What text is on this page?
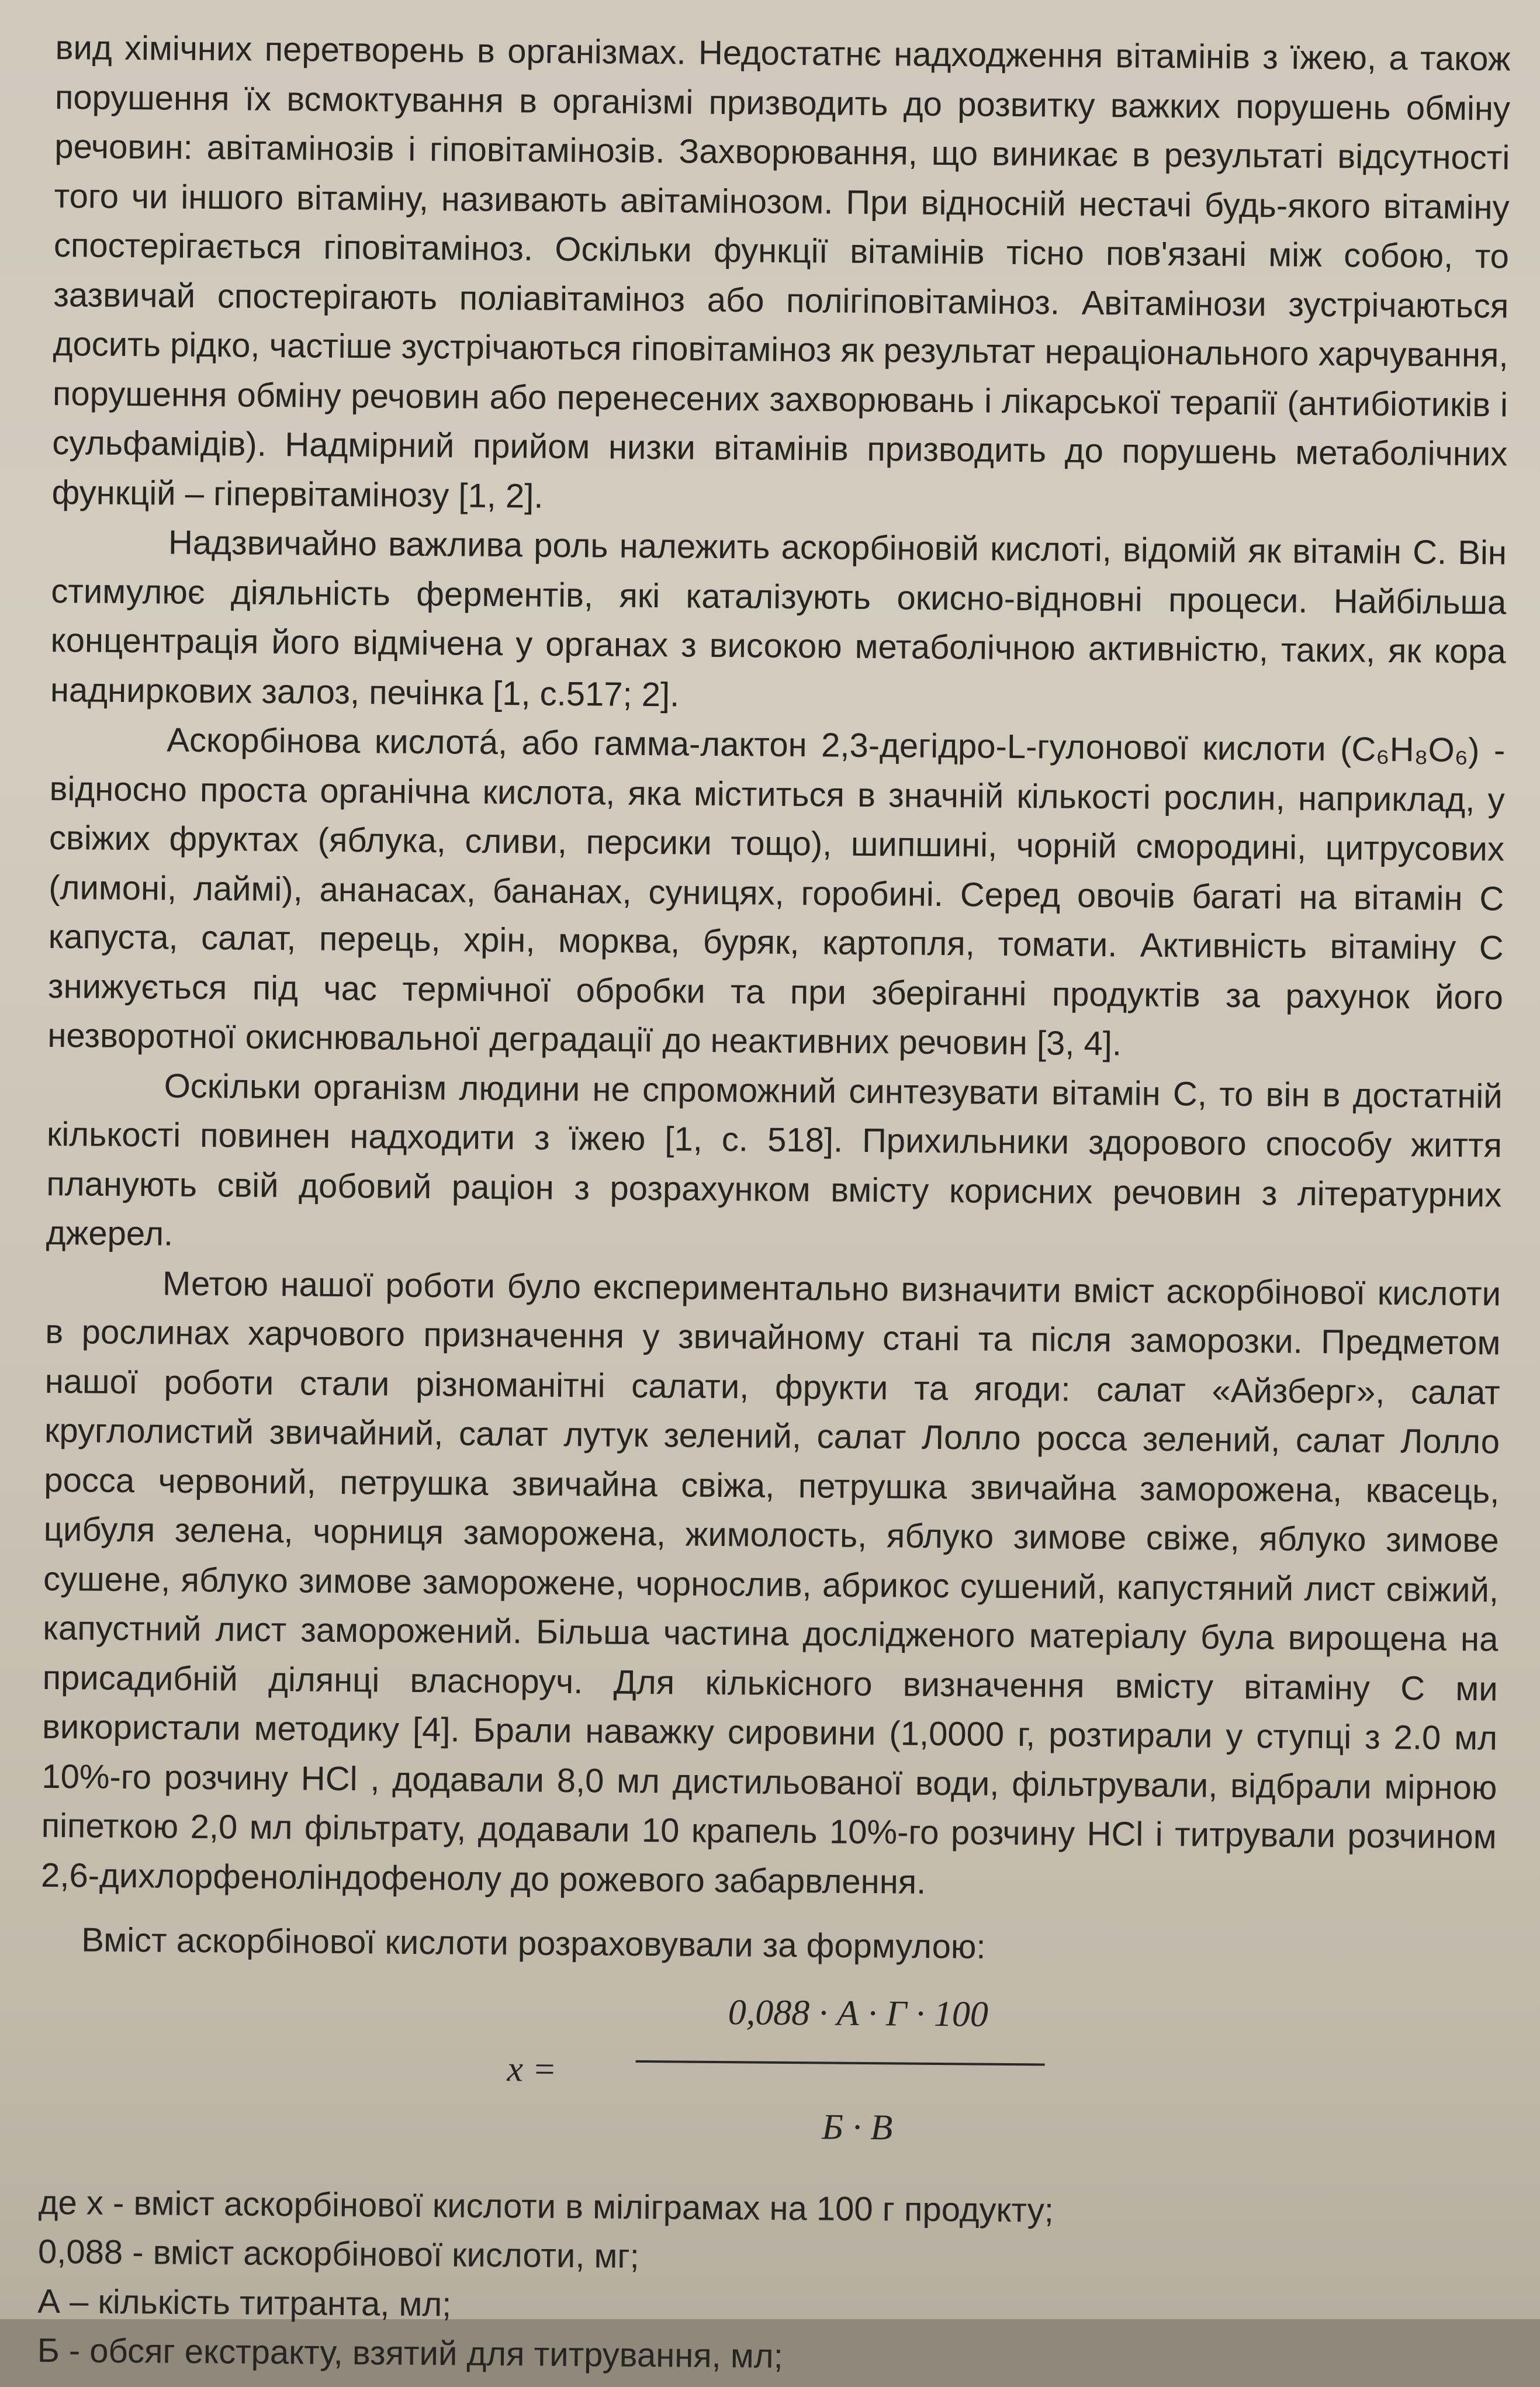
вид хімічних перетворень в організмах. Недостатнє надходження вітамінів з їжею, а також порушення їх всмоктування в організмі призводить до розвитку важких порушень обміну речовин: авітамінозів і гіповітамінозів. Захворювання, що виникає в результаті відсутності того чи іншого вітаміну, називають авітамінозом. При відносній нестачі будь-якого вітаміну спостерігається гіповітаміноз. Оскільки функції вітамінів тісно пов'язані між собою, то зазвичай спостерігають поліавітаміноз або полігіповітаміноз. Авітамінози зустрічаються досить рідко, частіше зустрічаються гіповітаміноз як результат нераціонального харчування, порушення обміну речовин або перенесених захворювань і лікарської терапії (антибіотиків і сульфамідів). Надмірний прийом низки вітамінів призводить до порушень метаболічних функцій – гіпервітамінозу [1, 2].

Надзвичайно важлива роль належить аскорбіновій кислоті, відомій як вітамін С. Він стимулює діяльність ферментів, які каталізують окисно-відновні процеси. Найбільша концентрація його відмічена у органах з високою метаболічною активністю, таких, як кора надниркових залоз, печінка [1, с.517; 2].

Аскорбінова кислотá, або гамма-лактон 2,3-дегідро-L-гулонової кислоти (C₆H₈O₆) - відносно проста органічна кислота, яка міститься в значній кількості рослин, наприклад, у свіжих фруктах (яблука, сливи, персики тощо), шипшині, чорній смородині, цитрусових (лимоні, лаймі), ананасах, бананах, суницях, горобині. Серед овочів багаті на вітамін С капуста, салат, перець, хрін, морква, буряк, картопля, томати. Активність вітаміну С знижується під час термічної обробки та при зберіганні продуктів за рахунок його незворотної окиснювальної деградації до неактивних речовин [3, 4].

Оскільки організм людини не спроможний синтезувати вітамін С, то він в достатній кількості повинен надходити з їжею [1, с. 518]. Прихильники здорового способу життя планують свій добовий раціон з розрахунком вмісту корисних речовин з літературних джерел.

Метою нашої роботи було експериментально визначити вміст аскорбінової кислоти в рослинах харчового призначення у звичайному стані та після заморозки. Предметом нашої роботи стали різноманітні салати, фрукти та ягоди: салат «Айзберг», салат круглолистий звичайний, салат лутук зелений, салат Лолло росса зелений, салат Лолло росса червоний, петрушка звичайна свіжа, петрушка звичайна заморожена, квасець, цибуля зелена, чорниця заморожена, жимолость, яблуко зимове свіже, яблуко зимове сушене, яблуко зимове заморожене, чорнослив, абрикос сушений, капустяний лист свіжий, капустний лист заморожений. Більша частина дослідженого матеріалу була вирощена на присадибній ділянці власноруч. Для кількісного визначення вмісту вітаміну С ми використали методику [4]. Брали наважку сировини (1,0000 г, розтирали у ступці з 2.0 мл 10%-го розчину HCl , додавали 8,0 мл дистильованої води, фільтрували, відбрали мірною піпеткою 2,0 мл фільтрату, додавали 10 крапель 10%-го розчину HCl і титрували розчином 2,6-дихлорфеноліндофенолу до рожевого забарвлення.

Вміст аскорбінової кислоти розраховували за формулою:

x =
0,088 · А · Г · 100
Б · В
де х - вміст аскорбінової кислоти в міліграмах на 100 г продукту;
0,088 - вміст аскорбінової кислоти, мг;
А – кількість титранта, мл;
Б - обсяг екстракту, взятий для титрування, мл;
